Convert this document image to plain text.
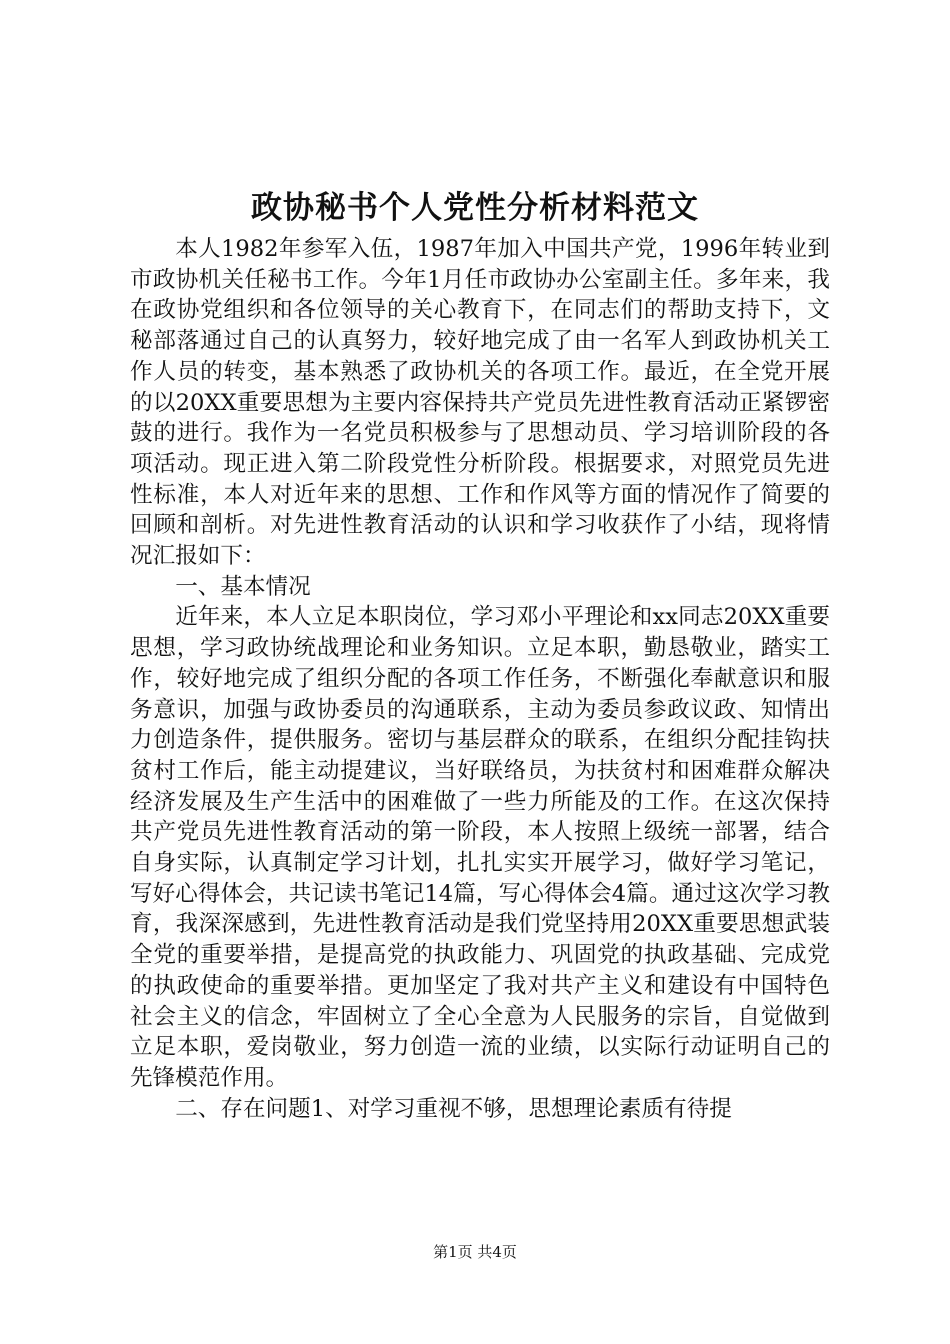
政协秘书个人党性分析材料范文

本人1982年参军入伍，1987年加入中国共产党，1996年转业到市政协机关任秘书工作。今年1月任市政协办公室副主任。多年来，我在政协党组织和各位领导的关心教育下，在同志们的帮助支持下，文秘部落通过自己的认真努力，较好地完成了由一名军人到政协机关工作人员的转变，基本熟悉了政协机关的各项工作。最近，在全党开展的以20XX重要思想为主要内容保持共产党员先进性教育活动正紧锣密鼓的进行。我作为一名党员积极参与了思想动员、学习培训阶段的各项活动。现正进入第二阶段党性分析阶段。根据要求，对照党员先进性标准，本人对近年来的思想、工作和作风等方面的情况作了简要的回顾和剖析。对先进性教育活动的认识和学习收获作了小结，现将情况汇报如下：

一、基本情况

近年来，本人立足本职岗位，学习邓小平理论和xx同志20XX重要思想，学习政协统战理论和业务知识。立足本职，勤恳敬业，踏实工作，较好地完成了组织分配的各项工作任务，不断强化奉献意识和服务意识，加强与政协委员的沟通联系，主动为委员参政议政、知情出力创造条件，提供服务。密切与基层群众的联系，在组织分配挂钩扶贫村工作后，能主动提建议，当好联络员，为扶贫村和困难群众解决经济发展及生产生活中的困难做了一些力所能及的工作。在这次保持共产党员先进性教育活动的第一阶段，本人按照上级统一部署，结合自身实际，认真制定学习计划，扎扎实实开展学习，做好学习笔记，写好心得体会，共记读书笔记14篇，写心得体会4篇。通过这次学习教育，我深深感到，先进性教育活动是我们党坚持用20XX重要思想武装全党的重要举措，是提高党的执政能力、巩固党的执政基础、完成党的执政使命的重要举措。更加坚定了我对共产主义和建设有中国特色社会主义的信念，牢固树立了全心全意为人民服务的宗旨，自觉做到立足本职，爱岗敬业，努力创造一流的业绩，以实际行动证明自己的先锋模范作用。

二、存在问题1、对学习重视不够，思想理论素质有待提

第1页 共4页
